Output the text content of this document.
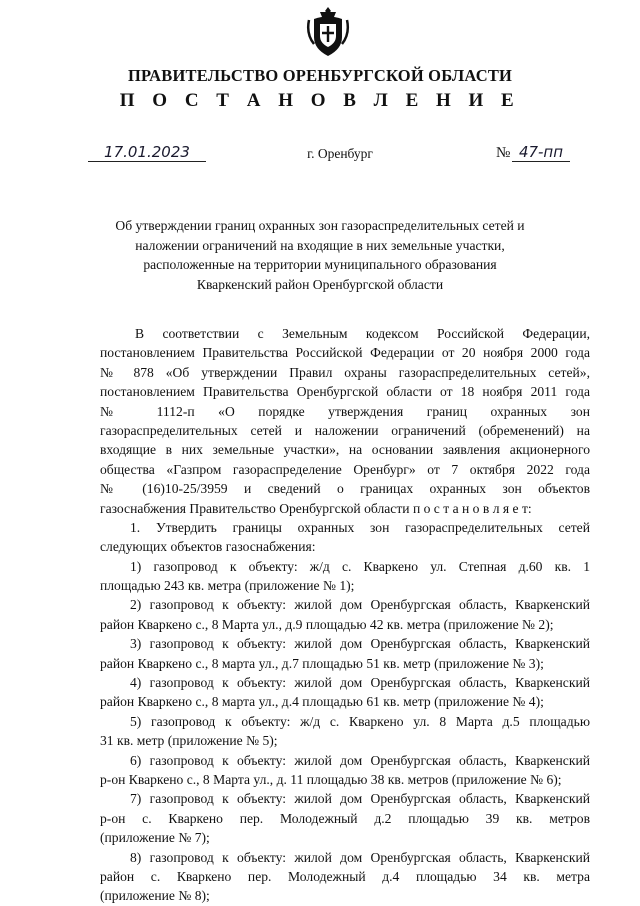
ПРАВИТЕЛЬСТВО ОРЕНБУРГСКОЙ ОБЛАСТИ
П О С Т А Н О В Л Е Н И Е
17.01.2023	г. Оренбург	№ 47-пп
Об утверждении границ охранных зон газораспределительных сетей и
наложении ограничений на входящие в них земельные участки,
расположенные на территории муниципального образования
Кваркенский район Оренбургской области
В соответствии с Земельным кодексом Российской Федерации,
постановлением Правительства Российской Федерации от 20 ноября 2000 года
№ 878 «Об утверждении Правил охраны газораспределительных сетей»,
постановлением Правительства Оренбургской области от 18 ноября 2011 года
№ 1112-п «О порядке утверждения границ охранных зон
газораспределительных сетей и наложении ограничений (обременений) на
входящие в них земельные участки», на основании заявления акционерного
общества «Газпром газораспределение Оренбург» от 7 октября 2022 года
№ (16)10-25/3959 и сведений о границах охранных зон объектов
газоснабжения Правительство Оренбургской области п о с т а н о в л я е т:
1. Утвердить границы охранных зон газораспределительных сетей
следующих объектов газоснабжения:
1) газопровод к объекту: ж/д с. Кваркено ул. Степная д.60 кв. 1
площадью 243 кв. метра (приложение № 1);
2) газопровод к объекту: жилой дом Оренбургская область, Кваркенский
район Кваркено с., 8 Марта ул., д.9 площадью 42 кв. метра (приложение № 2);
3) газопровод к объекту: жилой дом Оренбургская область, Кваркенский
район Кваркено с., 8 марта ул., д.7 площадью 51 кв. метр (приложение № 3);
4) газопровод к объекту: жилой дом Оренбургская область, Кваркенский
район Кваркено с., 8 марта ул., д.4 площадью 61 кв. метр (приложение № 4);
5) газопровод к объекту: ж/д с. Кваркено ул. 8 Марта д.5 площадью
31 кв. метр (приложение № 5);
6) газопровод к объекту: жилой дом Оренбургская область, Кваркенский
р-он Кваркено с., 8 Марта ул., д. 11 площадью 38 кв. метров (приложение № 6);
7) газопровод к объекту: жилой дом Оренбургская область, Кваркенский
р-он с. Кваркено пер. Молодежный д.2 площадью 39 кв. метров
(приложение № 7);
8) газопровод к объекту: жилой дом Оренбургская область, Кваркенский
район с. Кваркено пер. Молодежный д.4 площадью 34 кв. метра
(приложение № 8);
